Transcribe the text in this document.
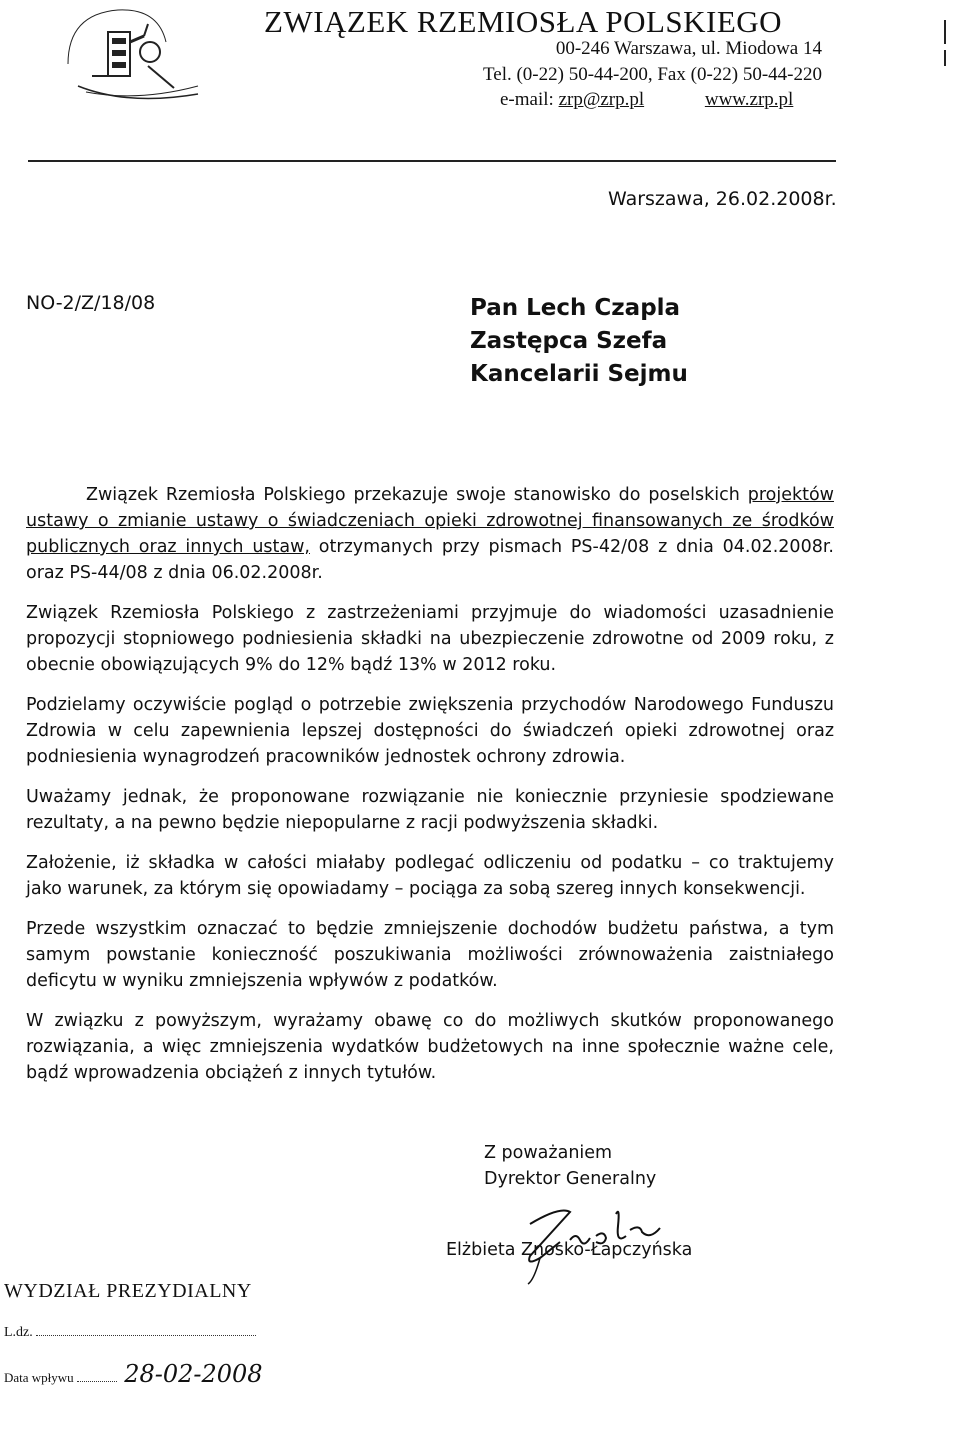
ZWIĄZEK RZEMIOSŁA POLSKIEGO
00-246 Warszawa, ul. Miodowa 14
Tel. (0-22) 50-44-200, Fax (0-22) 50-44-220
e-mail: zrp@zrp.pl	www.zrp.pl
Warszawa, 26.02.2008r.
NO-2/Z/18/08	Pan Lech Czapla
Zastępca Szefa
Kancelarii Sejmu

Związek Rzemiosła Polskiego przekazuje swoje stanowisko do poselskich projektów ustawy o zmianie ustawy o świadczeniach opieki zdrowotnej finansowanych ze środków publicznych oraz innych ustaw, otrzymanych przy pismach PS-42/08 z dnia 04.02.2008r. oraz PS-44/08 z dnia 06.02.2008r.

Związek Rzemiosła Polskiego z zastrzeżeniami przyjmuje do wiadomości uzasadnienie propozycji stopniowego podniesienia składki na ubezpieczenie zdrowotne od 2009 roku, z obecnie obowiązujących 9% do 12% bądź 13% w 2012 roku.

Podzielamy oczywiście pogląd o potrzebie zwiększenia przychodów Narodowego Funduszu Zdrowia w celu zapewnienia lepszej dostępności do świadczeń opieki zdrowotnej oraz podniesienia wynagrodzeń pracowników jednostek ochrony zdrowia.

Uważamy jednak, że proponowane rozwiązanie nie koniecznie przyniesie spodziewane rezultaty, a na pewno będzie niepopularne z racji podwyższenia składki.

Założenie, iż składka w całości miałaby podlegać odliczeniu od podatku – co traktujemy jako warunek, za którym się opowiadamy – pociąga za sobą szereg innych konsekwencji.

Przede wszystkim oznaczać to będzie zmniejszenie dochodów budżetu państwa, a tym samym powstanie konieczność poszukiwania możliwości zrównoważenia zaistniałego deficytu w wyniku zmniejszenia wpływów z podatków.

W związku z powyższym, wyrażamy obawę co do możliwych skutków proponowanego rozwiązania, a więc zmniejszenia wydatków budżetowych na inne społecznie ważne cele, bądź wprowadzenia obciążeń z innych tytułów.

Z poważaniem
Dyrektor Generalny
Elżbieta Znosko-Łapczyńska
WYDZIAŁ PREZYDIALNY
L.dz.
Data wpływu 28-02-2008
